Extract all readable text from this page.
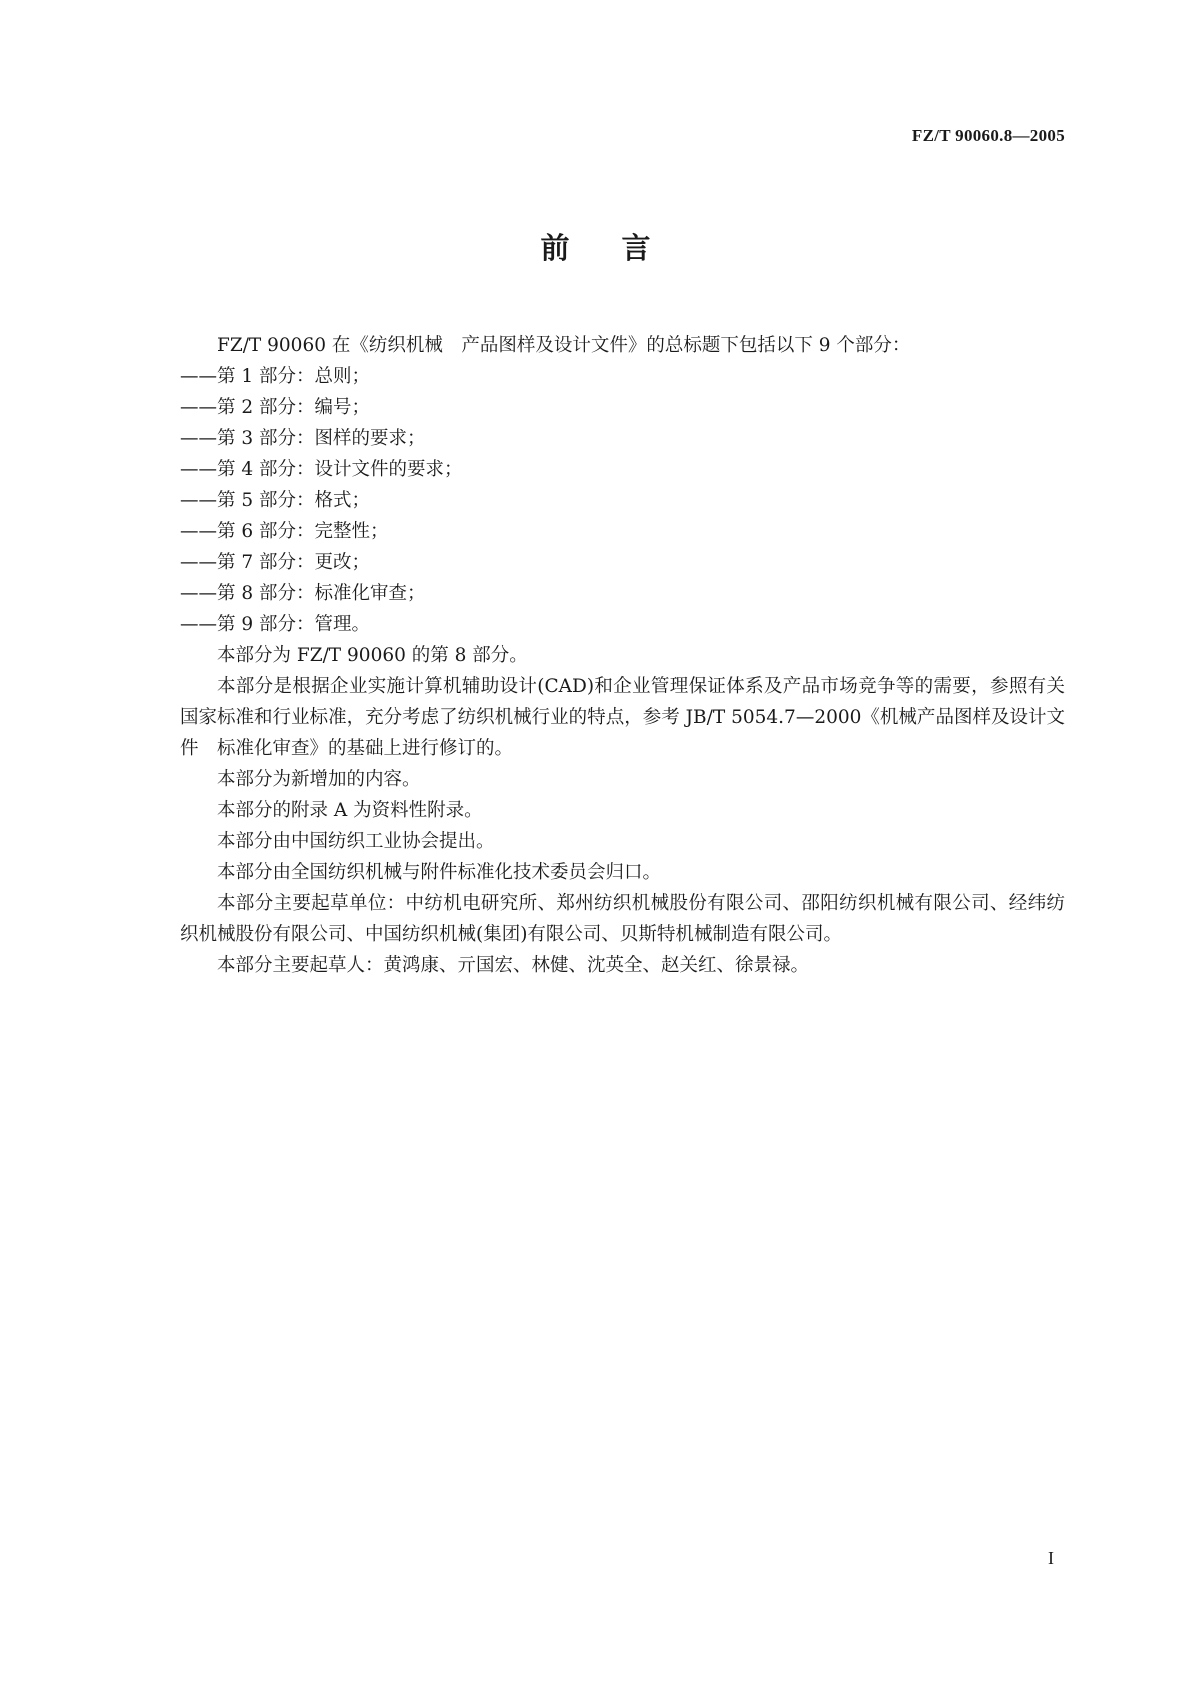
FZ/T 90060.8—2005
前言

FZ/T 90060 在《纺织机械　产品图样及设计文件》的总标题下包括以下 9 个部分：

——第 1 部分：总则；

——第 2 部分：编号；

——第 3 部分：图样的要求；

——第 4 部分：设计文件的要求；

——第 5 部分：格式；

——第 6 部分：完整性；

——第 7 部分：更改；

——第 8 部分：标准化审查；

——第 9 部分：管理。

本部分为 FZ/T 90060 的第 8 部分。

本部分是根据企业实施计算机辅助设计(CAD)和企业管理保证体系及产品市场竞争等的需要，参照有关国家标准和行业标准，充分考虑了纺织机械行业的特点，参考 JB/T 5054.7—2000《机械产品图样及设计文件　标准化审查》的基础上进行修订的。

本部分为新增加的内容。

本部分的附录 A 为资料性附录。

本部分由中国纺织工业协会提出。

本部分由全国纺织机械与附件标准化技术委员会归口。

本部分主要起草单位：中纺机电研究所、郑州纺织机械股份有限公司、邵阳纺织机械有限公司、经纬纺织机械股份有限公司、中国纺织机械(集团)有限公司、贝斯特机械制造有限公司。

本部分主要起草人：黄鸿康、亓国宏、林健、沈英全、赵关红、徐景禄。

I
